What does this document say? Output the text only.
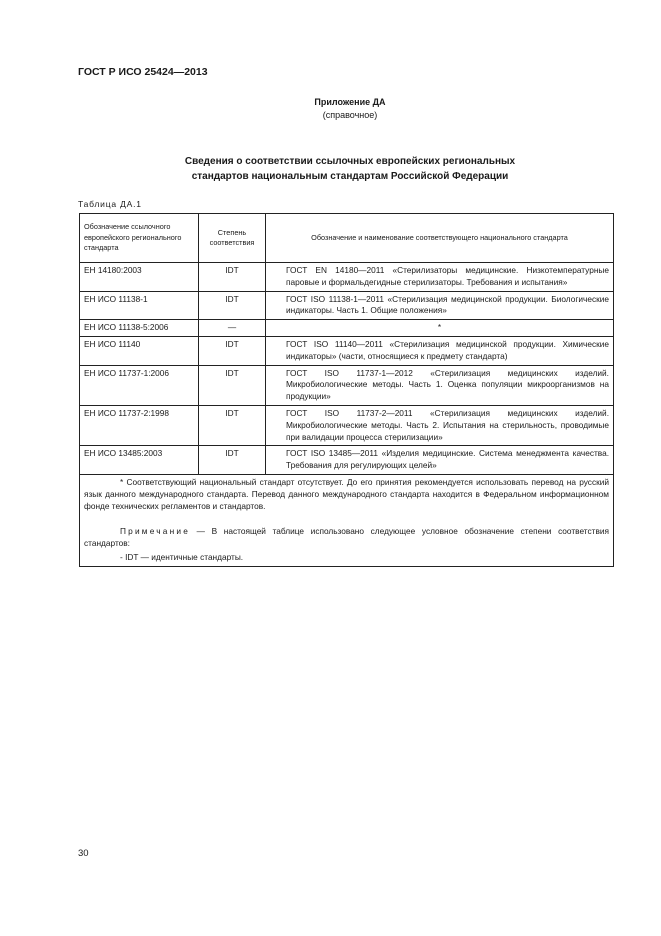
ГОСТ Р ИСО 25424—2013
Приложение ДА
(справочное)
Сведения о соответствии ссылочных европейских региональных
стандартов национальным стандартам Российской Федерации
Таблица ДА.1
Обозначение ссылочного европейского регионального стандарта	Степень соответствия	Обозначение и наименование соответствующего национального стандарта
ЕН 14180:2003	IDT	ГОСТ EN 14180—2011 «Стерилизаторы медицинские. Низкотемпературные паровые и формальдегидные стерилизаторы. Требования и испытания»

ЕН ИСО 11138-1	IDT	ГОСТ ISO 11138-1—2011 «Стерилизация медицинской продукции. Биологические индикаторы. Часть 1. Общие положения»

ЕН ИСО 11138-5:2006	—	*
ЕН ИСО 11140	IDT	ГОСТ ISO 11140—2011 «Стерилизация медицинской продукции. Химические индикаторы» (части, относящиеся к предмету стандарта)

ЕН ИСО 11737-1:2006	IDT	ГОСТ ISO 11737-1—2012 «Стерилизация медицинских изделий. Микробиологические методы. Часть 1. Оценка популяции микроорганизмов на продукции»

ЕН ИСО 11737-2:1998	IDT	ГОСТ ISO 11737-2—2011 «Стерилизация медицинских изделий. Микробиологические методы. Часть 2. Испытания на стерильность, проводимые при валидации процесса стерилизации»

ЕН ИСО 13485:2003	IDT	ГОСТ ISO 13485—2011 «Изделия медицинские. Система менеджмента качества. Требования для регулирующих целей»

* Соответствующий национальный стандарт отсутствует. До его принятия рекомендуется использовать перевод на русский язык данного международного стандарта. Перевод данного международного стандарта находится в Федеральном информационном фонде технических регламентов и стандартов.

Примечание — В настоящей таблице использовано следующее условное обозначение степени соответствия стандартов:

- IDT — идентичные стандарты.		

30
